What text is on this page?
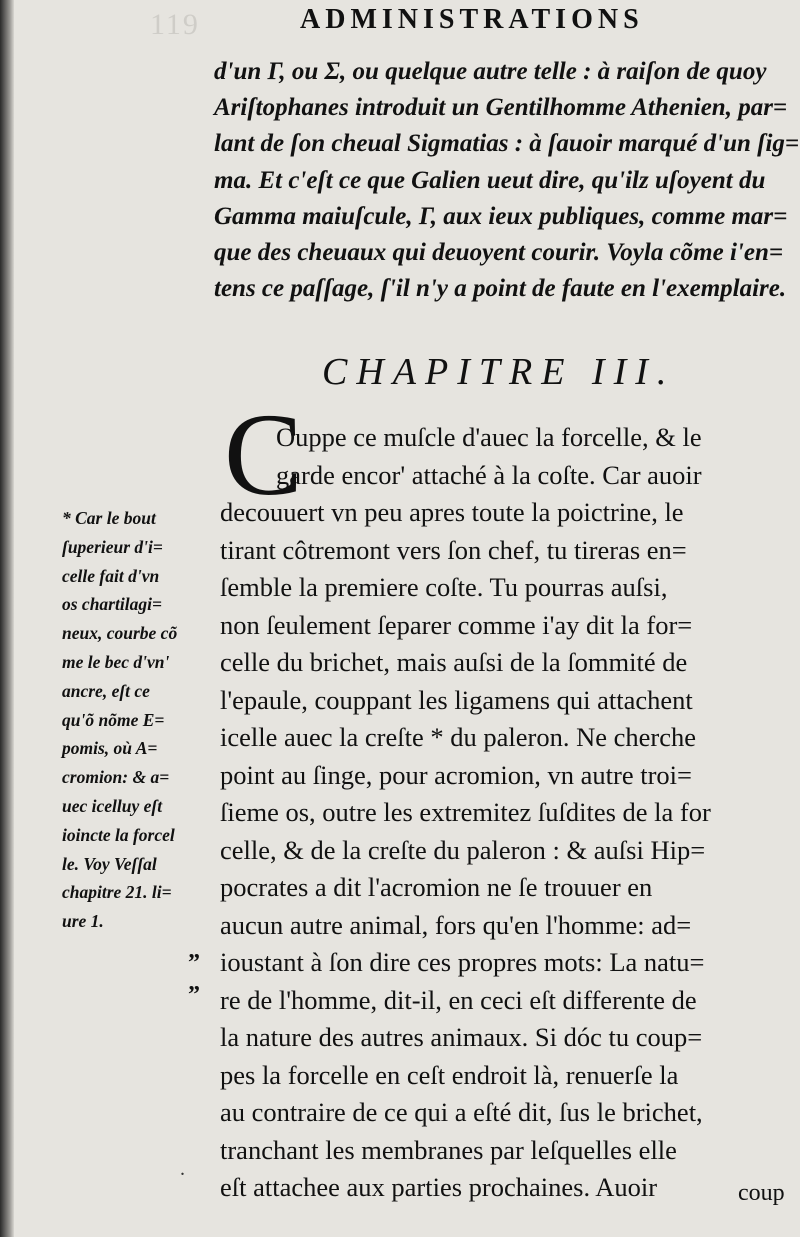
119	ADMINISTRATIONS
d'un Γ, ou Σ, ou quelque autre telle : à raiſon de quoy
Ariſtophanes introduit un Gentilhomme Athenien, par=
lant de ſon cheual Sigmatias : à ſauoir marqué d'un ſig=
ma. Et c'eſt ce que Galien ueut dire, qu'ilz uſoyent du
Gamma maiuſcule, Γ, aux ieux publiques, comme mar=
que des cheuaux qui deuoyent courir. Voyla cõme i'en=
tens ce paſſage, ſ'il n'y a point de faute en l'exemplaire.
CHAPITRE III.
C
Ouppe ce muſcle d'auec la forcelle, & le
garde encor' attaché à la coſte. Car auoir
decouuert vn peu apres toute la poictrine, le
tirant côtremont vers ſon chef, tu tireras en=
ſemble la premiere coſte. Tu pourras auſsi,
non ſeulement ſeparer comme i'ay dit la for=
celle du brichet, mais auſsi de la ſommité de
l'epaule, couppant les ligamens qui attachent
icelle auec la creſte * du paleron. Ne cherche
point au ſinge, pour acromion, vn autre troi=
ſieme os, outre les extremitez ſuſdites de la for
celle, & de la creſte du paleron : & auſsi Hip=
pocrates a dit l'acromion ne ſe trouuer en
aucun autre animal, fors qu'en l'homme: ad=
ioustant à ſon dire ces propres mots: La natu=
re de l'homme, dit-il, en ceci eſt differente de
la nature des autres animaux. Si dóc tu coup=
pes la forcelle en ceſt endroit là, renuerſe la
au contraire de ce qui a eſté dit, ſus le brichet,
tranchant les membranes par leſquelles elle
eſt attachee aux parties prochaines. Auoir
* Car le bout
ſuperieur d'i=
celle fait d'vn
os chartilagi=
neux, courbe cõ
me le bec d'vn'
ancre, eſt ce
qu'õ nõme E=
pomis, où A=
cromion: & a=
uec icelluy eſt
ioincte la forcel
le. Voy Veſſal
chapitre 21. li=
ure 1.
”
”
.
coup
